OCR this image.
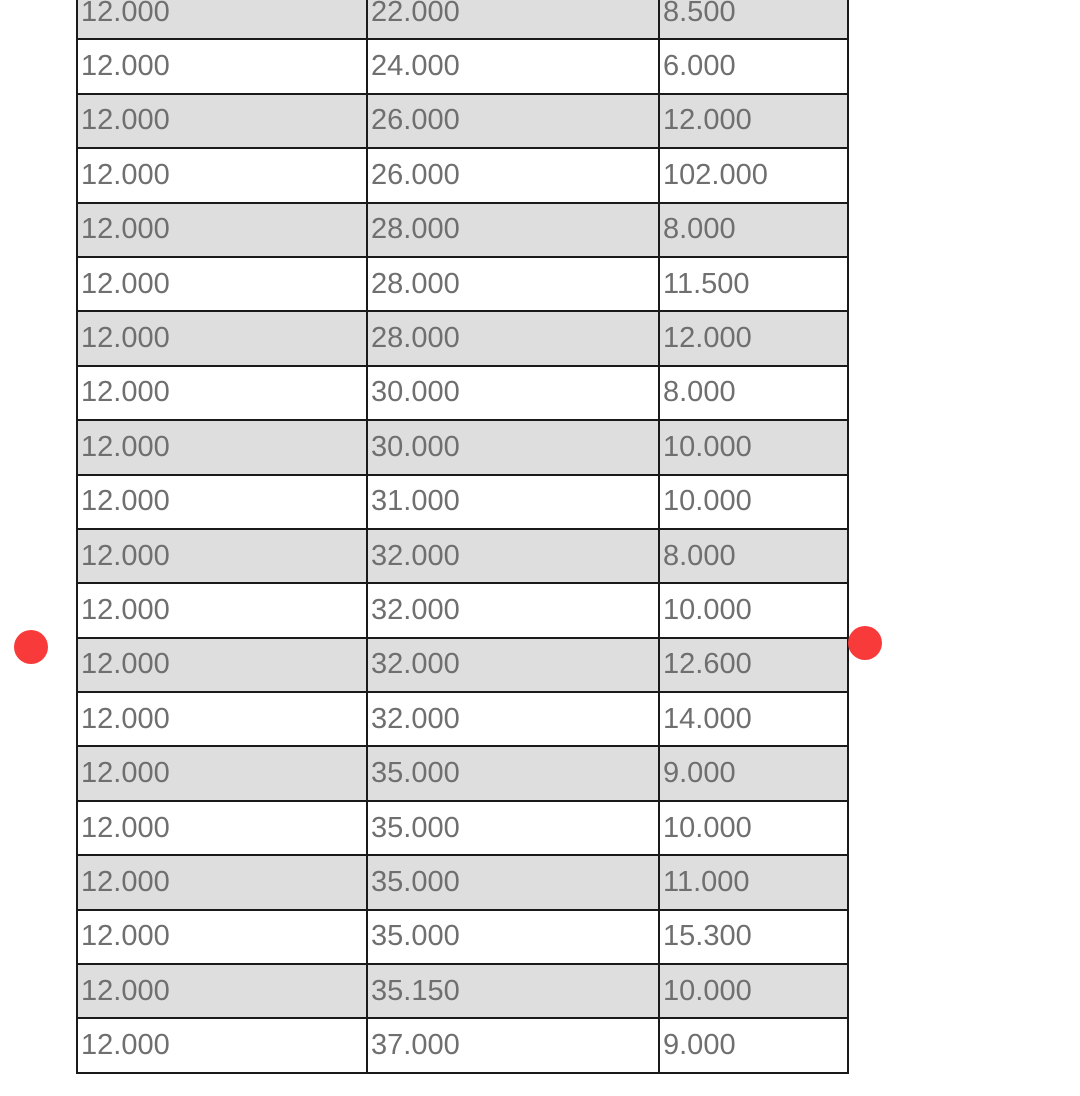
12.000	22.000	8.500
12.000	24.000	6.000
12.000	26.000	12.000
12.000	26.000	102.000
12.000	28.000	8.000
12.000	28.000	11.500
12.000	28.000	12.000
12.000	30.000	8.000
12.000	30.000	10.000
12.000	31.000	10.000
12.000	32.000	8.000
12.000	32.000	10.000
12.000	32.000	12.600
12.000	32.000	14.000
12.000	35.000	9.000
12.000	35.000	10.000
12.000	35.000	11.000
12.000	35.000	15.300
12.000	35.150	10.000
12.000	37.000	9.000
